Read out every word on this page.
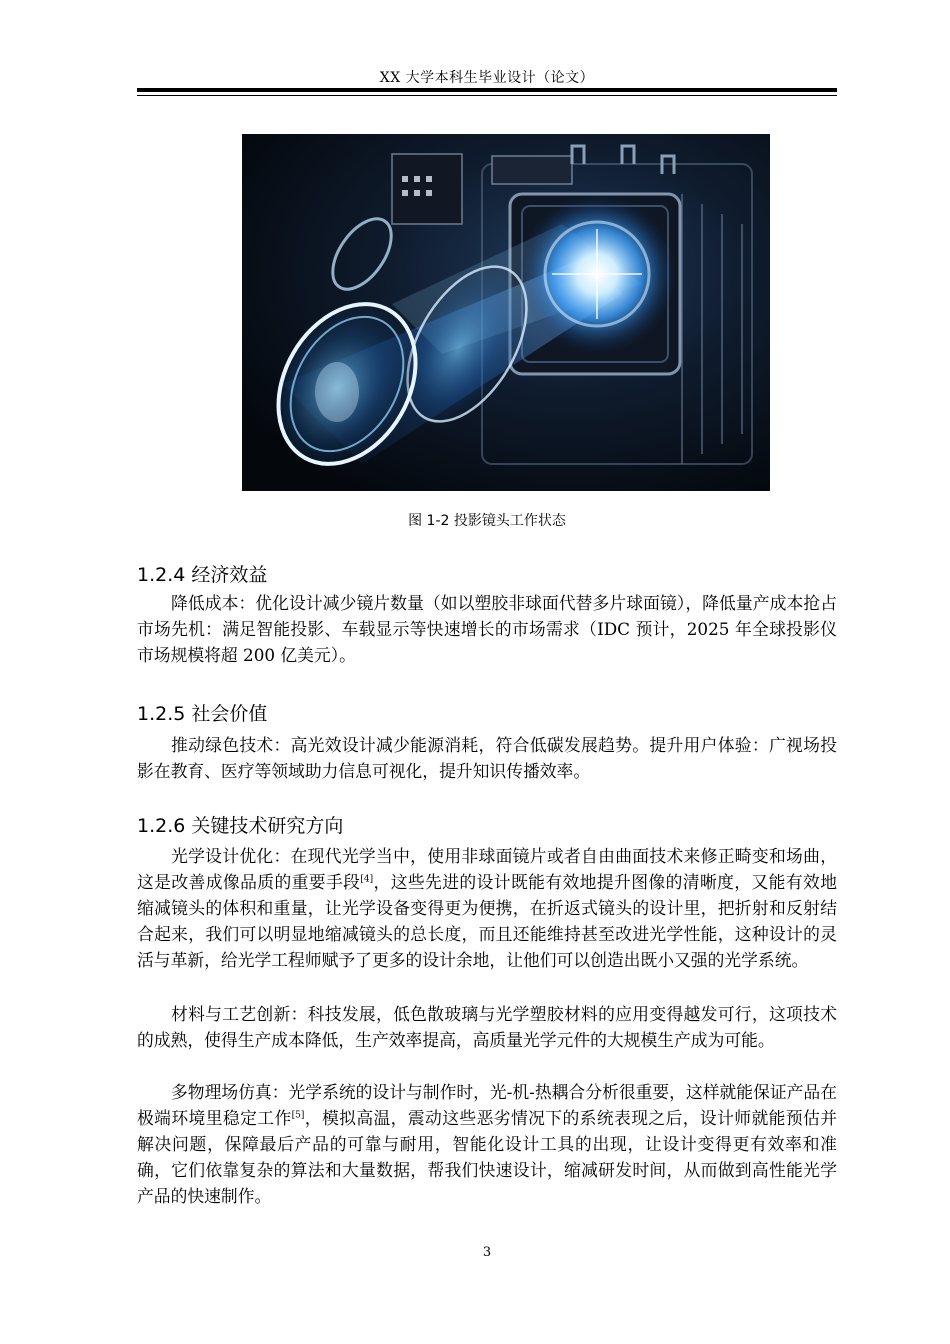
XX 大学本科生毕业设计（论文）
图 1-2 投影镜头工作状态
1.2.4 经济效益

降低成本：优化设计减少镜片数量（如以塑胶非球面代替多片球面镜），降低量产成本抢占市场先机：满足智能投影、车载显示等快速增长的市场需求（IDC 预计，2025 年全球投影仪市场规模将超 200 亿美元）。

1.2.5 社会价值

推动绿色技术：高光效设计减少能源消耗，符合低碳发展趋势。提升用户体验：广视场投影在教育、医疗等领域助力信息可视化，提升知识传播效率。

1.2.6 关键技术研究方向

光学设计优化：在现代光学当中，使用非球面镜片或者自由曲面技术来修正畸变和场曲，这是改善成像品质的重要手段[4]，这些先进的设计既能有效地提升图像的清晰度，又能有效地缩减镜头的体积和重量，让光学设备变得更为便携，在折返式镜头的设计里，把折射和反射结合起来，我们可以明显地缩减镜头的总长度，而且还能维持甚至改进光学性能，这种设计的灵活与革新，给光学工程师赋予了更多的设计余地，让他们可以创造出既小又强的光学系统。

材料与工艺创新：科技发展，低色散玻璃与光学塑胶材料的应用变得越发可行，这项技术的成熟，使得生产成本降低，生产效率提高，高质量光学元件的大规模生产成为可能。

多物理场仿真：光学系统的设计与制作时，光-机-热耦合分析很重要，这样就能保证产品在极端环境里稳定工作[5]，模拟高温，震动这些恶劣情况下的系统表现之后，设计师就能预估并解决问题，保障最后产品的可靠与耐用，智能化设计工具的出现，让设计变得更有效率和准确，它们依靠复杂的算法和大量数据，帮我们快速设计，缩减研发时间，从而做到高性能光学产品的快速制作。

3
